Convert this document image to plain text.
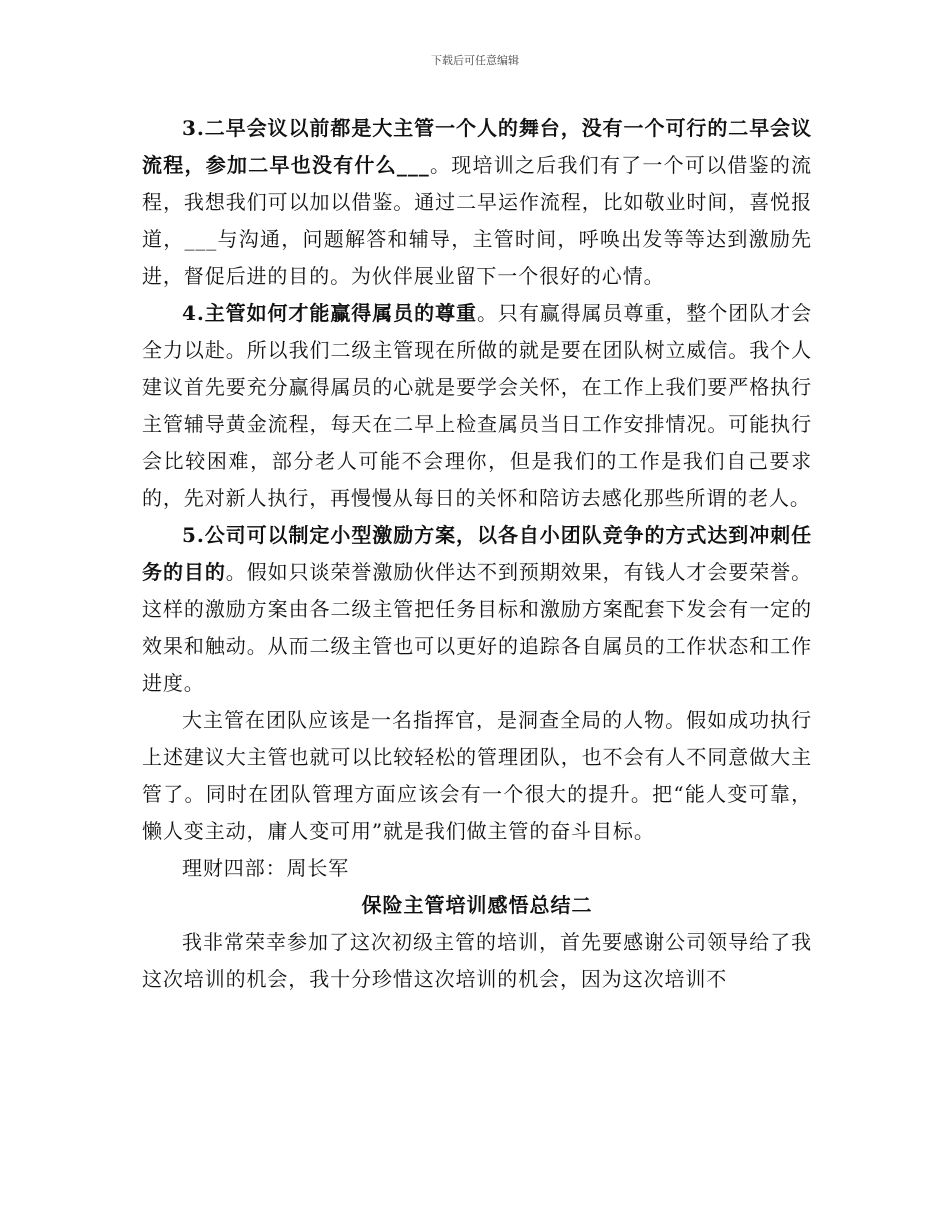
下载后可任意编辑

3.二早会议以前都是大主管一个人的舞台，没有一个可行的二早会议流程，参加二早也没有什么___。现培训之后我们有了一个可以借鉴的流程，我想我们可以加以借鉴。通过二早运作流程，比如敬业时间，喜悦报道，___与沟通，问题解答和辅导，主管时间，呼唤出发等等达到激励先进，督促后进的目的。为伙伴展业留下一个很好的心情。

4.主管如何才能赢得属员的尊重。只有赢得属员尊重，整个团队才会全力以赴。所以我们二级主管现在所做的就是要在团队树立威信。我个人建议首先要充分赢得属员的心就是要学会关怀，在工作上我们要严格执行主管辅导黄金流程，每天在二早上检查属员当日工作安排情况。可能执行会比较困难，部分老人可能不会理你，但是我们的工作是我们自己要求的，先对新人执行，再慢慢从每日的关怀和陪访去感化那些所谓的老人。

5.公司可以制定小型激励方案，以各自小团队竞争的方式达到冲刺任务的目的。假如只谈荣誉激励伙伴达不到预期效果，有钱人才会要荣誉。这样的激励方案由各二级主管把任务目标和激励方案配套下发会有一定的效果和触动。从而二级主管也可以更好的追踪各自属员的工作状态和工作进度。

大主管在团队应该是一名指挥官，是洞查全局的人物。假如成功执行上述建议大主管也就可以比较轻松的管理团队，也不会有人不同意做大主管了。同时在团队管理方面应该会有一个很大的提升。把“能人变可靠，懒人变主动，庸人变可用”就是我们做主管的奋斗目标。

理财四部：周长军

保险主管培训感悟总结二

我非常荣幸参加了这次初级主管的培训，首先要感谢公司领导给了我这次培训的机会，我十分珍惜这次培训的机会，因为这次培训不
